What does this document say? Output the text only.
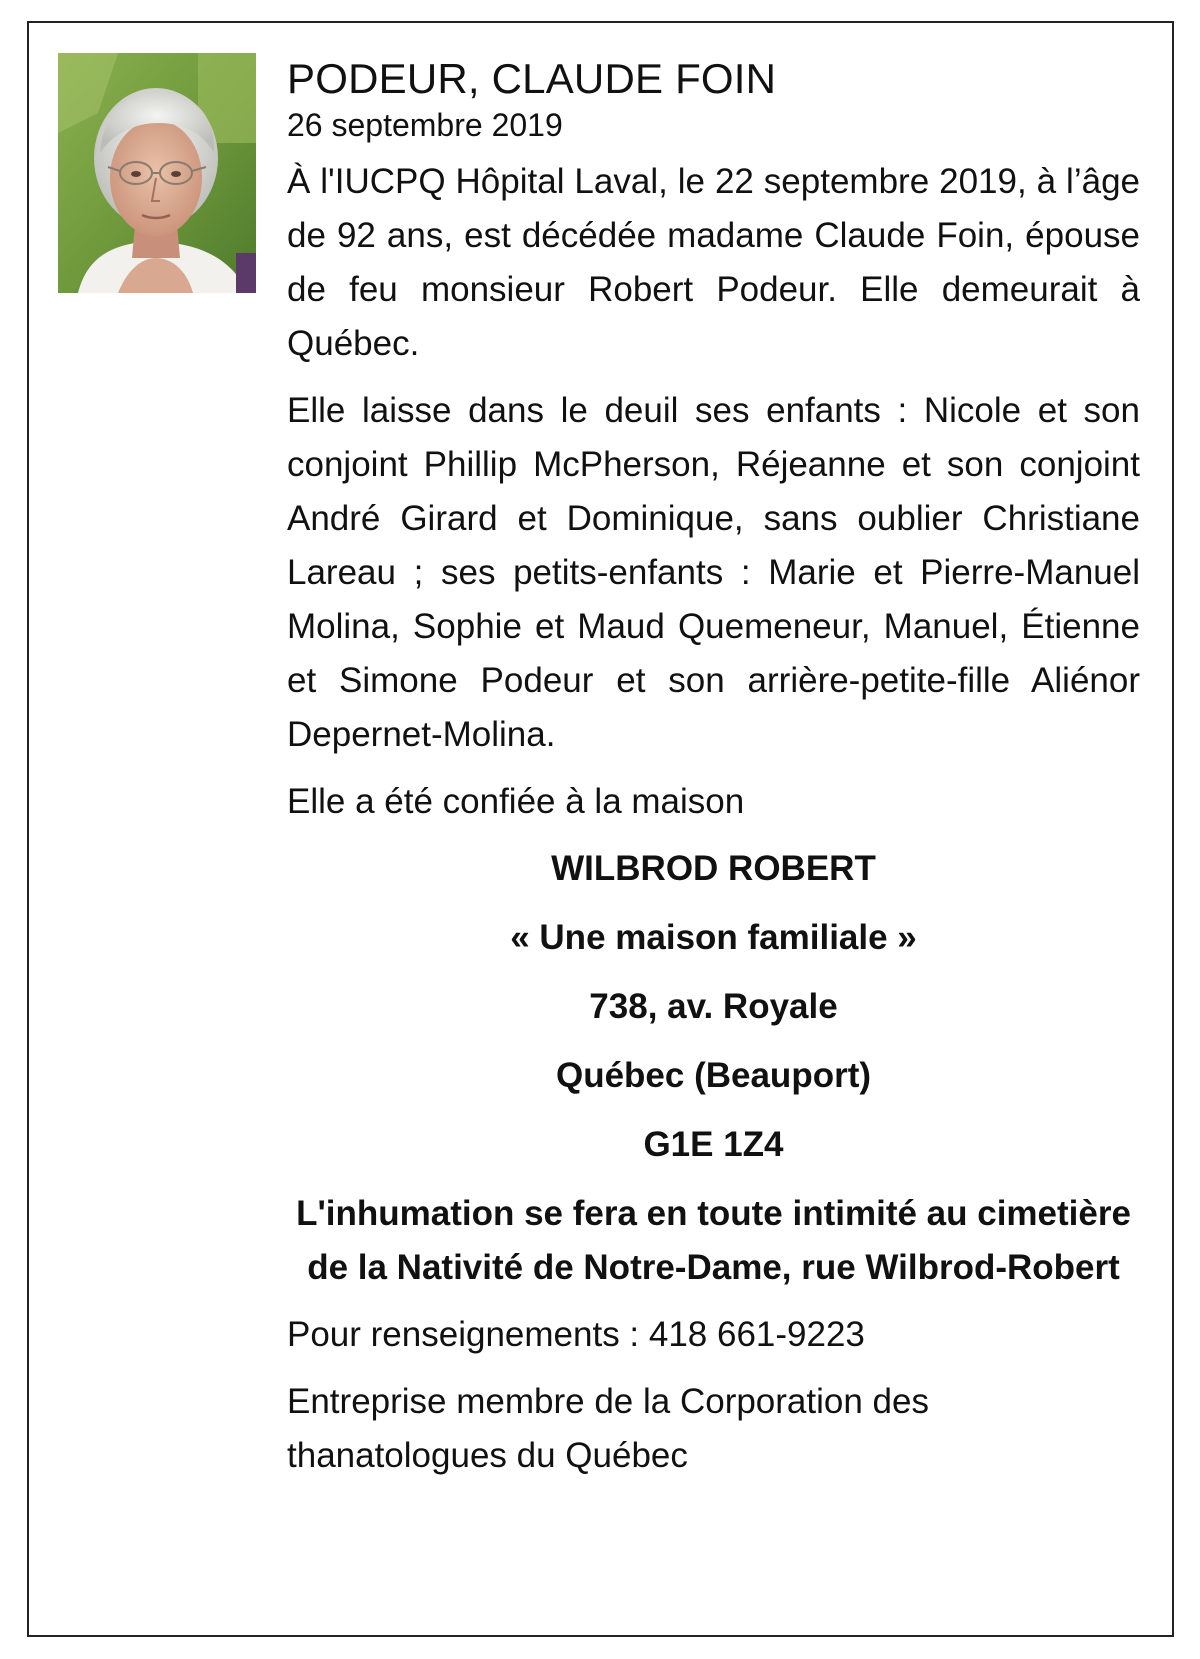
PODEUR, CLAUDE FOIN
26 septembre 2019

À l'IUCPQ Hôpital Laval, le 22 septembre 2019, à l’âge de 92 ans, est décédée madame Claude Foin, épouse de feu monsieur Robert Podeur. Elle demeurait à Québec.

Elle laisse dans le deuil ses enfants : Nicole et son conjoint Phillip McPherson, Réjeanne et son conjoint André Girard et Dominique, sans oublier Christiane Lareau ; ses petits-enfants : Marie et Pierre-Manuel Molina, Sophie et Maud Quemeneur, Manuel, Étienne et Simone Podeur et son arrière-petite-fille Aliénor Depernet-Molina.

Elle a été confiée à la maison

WILBROD ROBERT
« Une maison familiale »
738, av. Royale
Québec (Beauport)
G1E 1Z4
L'inhumation se fera en toute intimité au cimetière de la Nativité de Notre-Dame, rue Wilbrod-Robert

Pour renseignements : 418 661-9223

Entreprise membre de la Corporation des thanatologues du Québec
